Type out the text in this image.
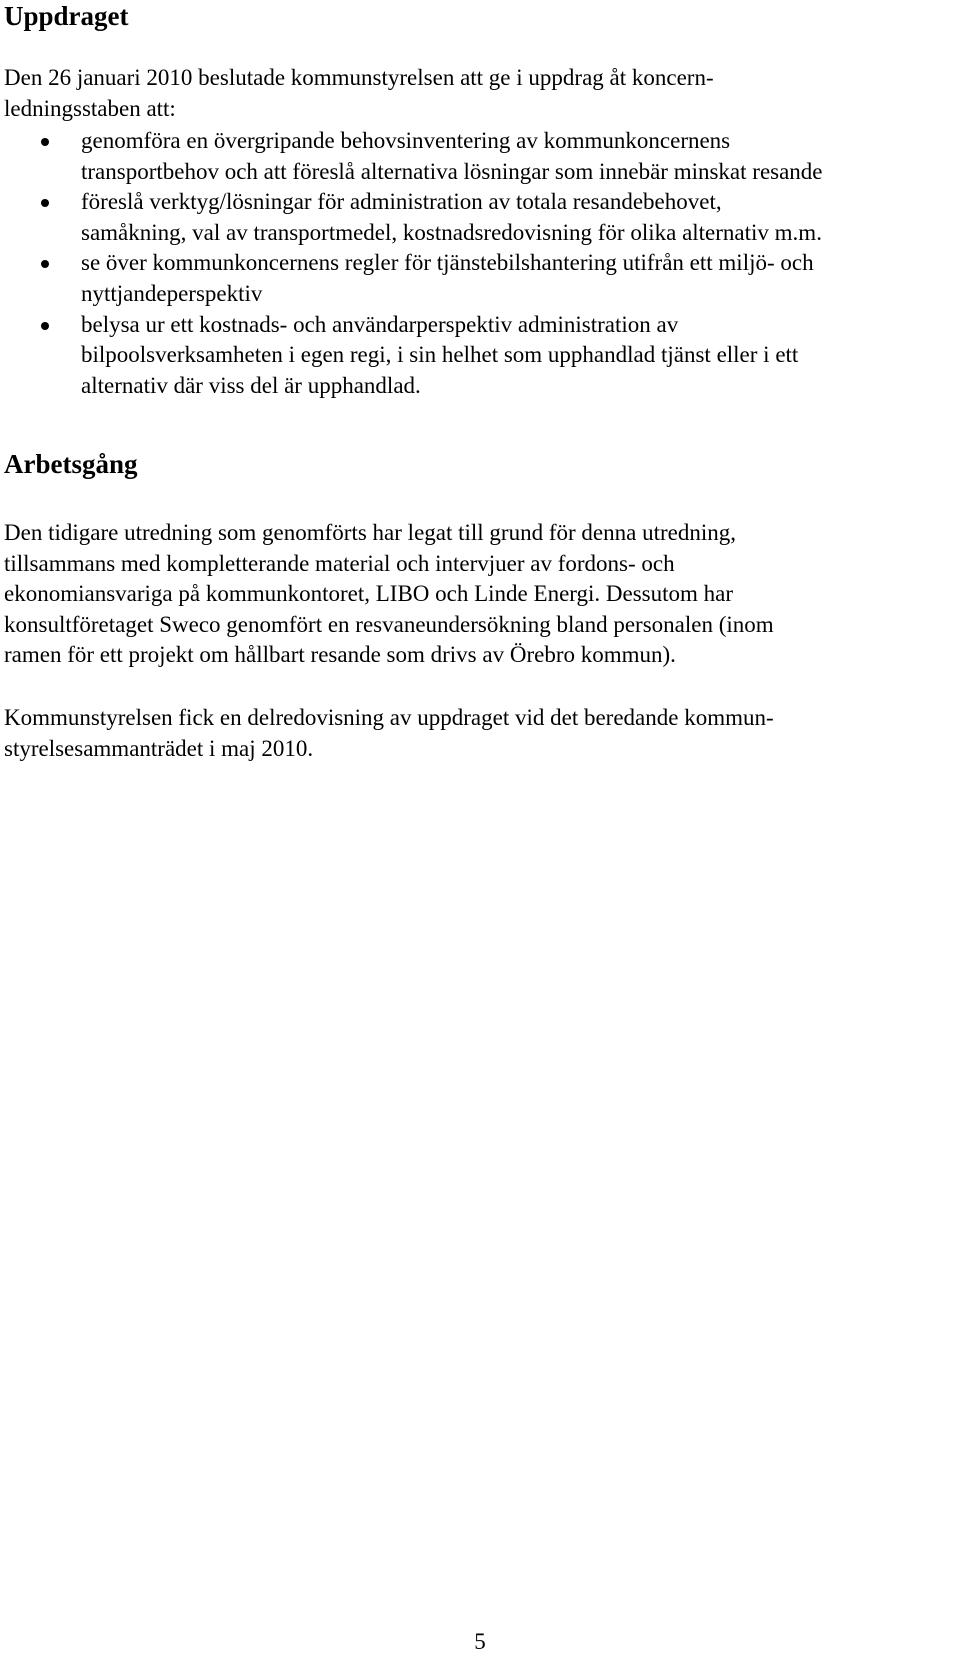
Uppdraget

Den 26 januari 2010 beslutade kommunstyrelsen att ge i uppdrag åt koncern-
ledningsstaben att:

genomföra en övergripande behovsinventering av kommunkoncernens
transportbehov och att föreslå alternativa lösningar som innebär minskat resande
föreslå verktyg/lösningar för administration av totala resandebehovet,
samåkning, val av transportmedel, kostnadsredovisning för olika alternativ m.m.
se över kommunkoncernens regler för tjänstebilshantering utifrån ett miljö- och
nyttjandeperspektiv
belysa ur ett kostnads- och användarperspektiv administration av
bilpoolsverksamheten i egen regi, i sin helhet som upphandlad tjänst eller i ett
alternativ där viss del är upphandlad.
Arbetsgång

Den tidigare utredning som genomförts har legat till grund för denna utredning,
tillsammans med kompletterande material och intervjuer av fordons- och
ekonomiansvariga på kommunkontoret, LIBO och Linde Energi. Dessutom har
konsultföretaget Sweco genomfört en resvaneundersökning bland personalen (inom
ramen för ett projekt om hållbart resande som drivs av Örebro kommun).

Kommunstyrelsen fick en delredovisning av uppdraget vid det beredande kommun-
styrelsesammanträdet i maj 2010.

5
